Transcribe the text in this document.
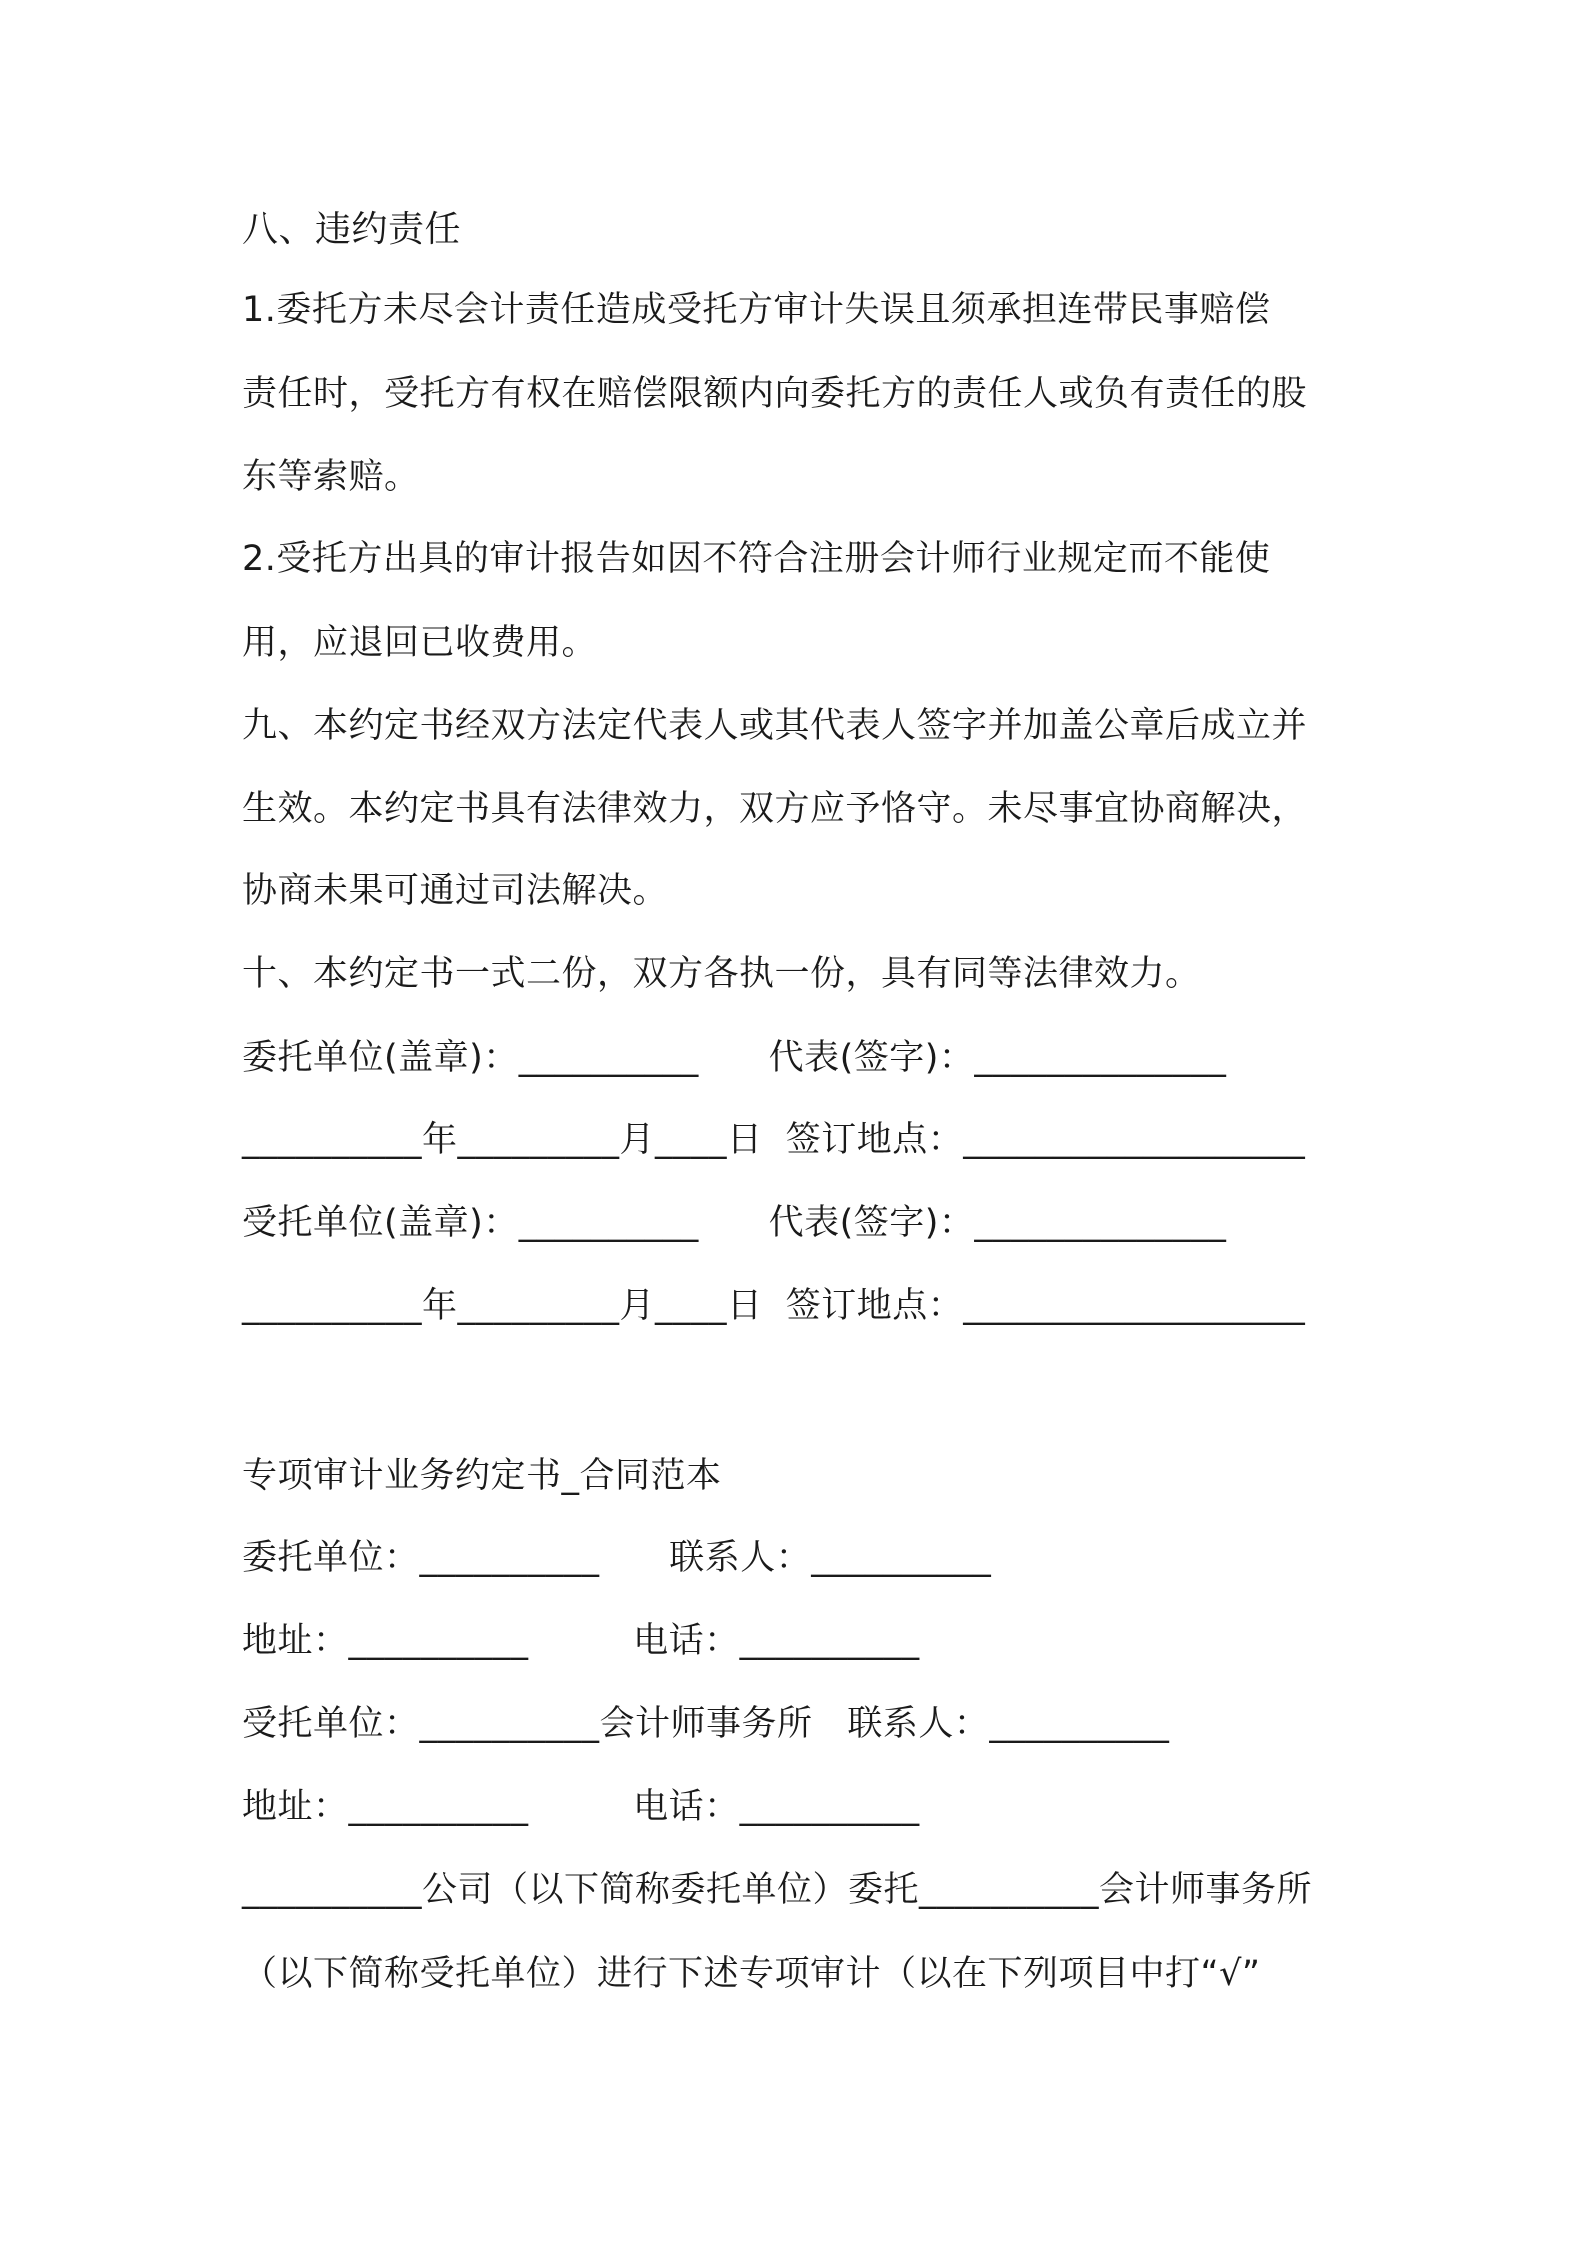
八、违约责任
1.委托方未尽会计责任造成受托方审计失误且须承担连带民事赔偿
责任时，受托方有权在赔偿限额内向委托方的责任人或负有责任的股
东等索赔。
2.受托方出具的审计报告如因不符合注册会计师行业规定而不能使
用，应退回已收费用。
九、本约定书经双方法定代表人或其代表人签字并加盖公章后成立并
生效。本约定书具有法律效力，双方应予恪守。未尽事宜协商解决，
协商未果可通过司法解决。
十、本约定书一式二份，双方各执一份，具有同等法律效力。
委托单位(盖章)：__________      代表(签字)：______________
__________年_________月____日  签订地点：___________________
受托单位(盖章)：__________      代表(签字)：______________
__________年_________月____日  签订地点：___________________
专项审计业务约定书_合同范本
委托单位：__________      联系人：__________
地址：__________         电话：__________
受托单位：__________会计师事务所   联系人：__________
地址：__________         电话：__________
__________公司（以下简称委托单位）委托__________会计师事务所
（以下简称受托单位）进行下述专项审计（以在下列项目中打“√”
